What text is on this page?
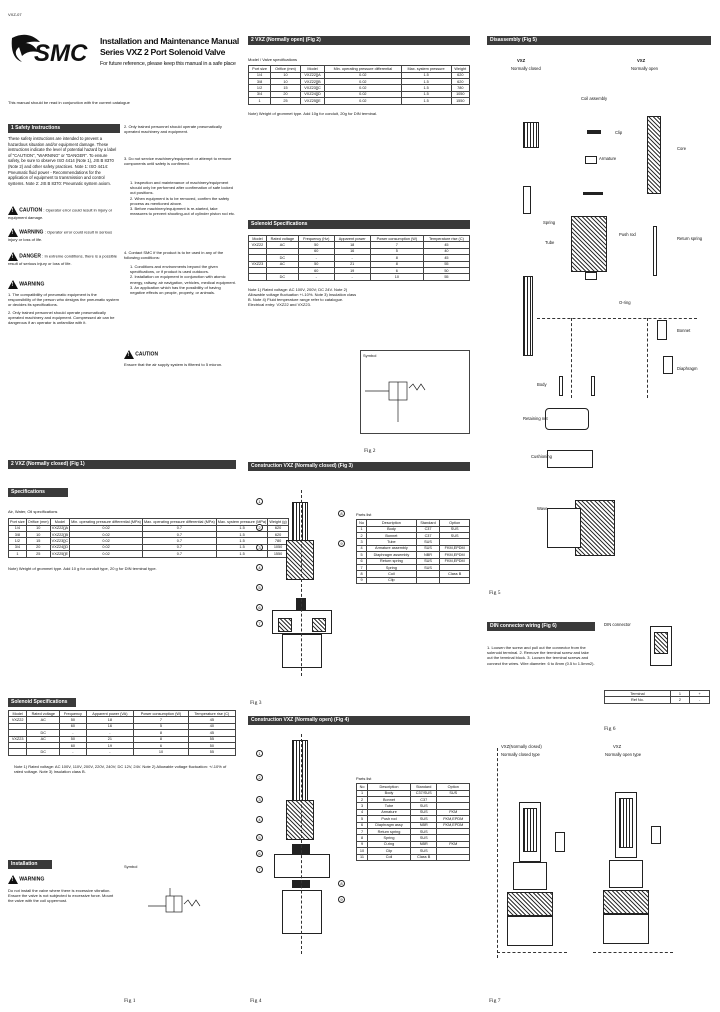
VXZ-07
SMC Installation and Maintenance Manual
Series VXZ 2 Port Solenoid Valve
For future reference, please keep this manual in a safe place
This manual should be read in conjunction with the current catalogue
1 Safety Instructions
These safety instructions are intended to prevent a hazardous situation and/or equipment damage. These instructions indicate the level of potential hazard by a label of "CAUTION", "WARNING" or "DANGER". To ensure safety, be sure to observe ISO 4414 (Note 1), JIS B 8370 (Note 2) and other safety practices. Note 1: ISO 4414: Pneumatic fluid power - Recommendations for the application of equipment to transmission and control systems. Note 2: JIS B 8370: Pneumatic system axiom.
! CAUTION : Operator error could result in injury or equipment damage.
! WARNING : Operator error could result in serious injury or loss of life.
! DANGER : In extreme conditions, there is a possible result of serious injury or loss of life.
! WARNING
1. The compatibility of pneumatic equipment is the responsibility of the person who designs the pneumatic system or decides its specifications.
2. Only trained personnel should operate pneumatically operated machinery and equipment. Compressed air can be dangerous if an operator is unfamiliar with it.
2. Only trained personnel should operate pneumatically operated machinery and equipment.
3. Do not service machinery/equipment or attempt to remove components until safety is confirmed.
1. Inspection and maintenance of machinery/equipment should only be performed after confirmation of safe locked out positions.
2. When equipment is to be removed, confirm the safety process as mentioned above.
3. Before machinery/equipment is re-started, take measures to prevent shooting-out of cylinder piston rod etc.
4. Contact SMC if the product is to be used in any of the following conditions:
1. Conditions and environments beyond the given specifications, or if product is used outdoors.
2. Installation on equipment in conjunction with atomic energy, railway, air navigation, vehicles, medical equipment.
3. An application which has the possibility of having negative effects on people, property, or animals.
! CAUTION
Ensure that the air supply system is filtered to 5 micron.
2 VXZ (Normally closed) (Fig 1)
Specifications
Air, Water, Oil specifications
Port size	Orifice (mm)	Model	Min. operating pressure differential (MPa)	Max. operating pressure differential (MPa)	Max. system pressure (MPa)	Weight (g)
1/4	10	VXZ22[]A	0.02	0.7	1.5	620
3/8	10	VXZ22[]B	0.02	0.7	1.5	620
1/2	15	VXZ23[]C	0.02	0.7	1.5	780
3/4	20	VXZ24[]D	0.02	0.7	1.5	1050
1	25	VXZ25[]E	0.02	0.7	1.5	1550
Note) Weight of grommet type. Add 10 g for conduit type, 20 g for DIN terminal type.
Solenoid Specifications
Model	Rated voltage	Frequency	Apparent power (VA)	Power consumption (W)	Temperature rise (C)
VXZ22	AC	50	18	7	45
		60	16	5	40
	DC	-	-	8	45
VXZ23	AC	50	21	8	55
		60	19	6	50
	DC	-	-	10	55
Note 1) Rated voltage: AC 100V, 110V, 200V, 220V, 240V; DC 12V, 24V. Note 2) Allowable voltage fluctuation: +/-10% of rated voltage. Note 3) Insulation class B.
Installation
! WARNING
Do not install the valve where there is excessive vibration. Ensure the valve is not subjected to excessive force. Mount the valve with the coil uppermost.
Symbol
Fig 1
2 VXZ (Normally open) (Fig 2)
Model / Valve specifications
Port size	Orifice (mm)	Model	Min. operating pressure differential	Max. system pressure	Weight
1/4	10	VXZ22[]A	0.02	1.5	620
3/8	10	VXZ22[]B	0.02	1.5	620
1/2	15	VXZ23[]C	0.02	1.5	780
3/4	20	VXZ24[]D	0.02	1.5	1050
1	25	VXZ25[]E	0.02	1.5	1550
Note) Weight of grommet type. Add 10g for conduit, 20g for DIN terminal.
Solenoid Specifications
Model	Rated voltage	Frequency (Hz)	Apparent power	Power consumption (W)	Temperature rise (C)
VXZ22	AC	50	18	7	45
		60	16	5	40
	DC	-	-	8	45
VXZ23	AC	50	21	8	55
		60	19	6	50
	DC	-	-	10	55
Note 1) Rated voltage: AC 100V, 200V; DC 24V. Note 2) Allowable voltage fluctuation +/-10%. Note 3) Insulation class B. Note 4) Fluid temperature range refer to catalogue. Electrical entry: VXZ22 and VXZ23.
Symbol
Fig 2
Construction VXZ (Normally closed) (Fig 3)
1
2
3
4
5
6
7
8
9
Parts list
No	Description	Standard	Option
1	Body	C37	SUS
2	Bonnet	C37	SUS
3	Tube	SUS	
4	Armature assembly	SUS	FKM,EPDM
5	Diaphragm assembly	NBR	FKM,EPDM
6	Return spring	SUS	FKM,EPDM
7	Spring	SUS	
8	Coil		Class B
9	Clip		
Fig 3
Construction VXZ (Normally open) (Fig 4)
1
2
3
4
5
6
7
8
9
Parts list
No	Description	Standard	Option
1	Body	C37/SUS	SUS
2	Bonnet	C37	
3	Tube	SUS	
4	Armature	SUS	FKM
5	Push rod	SUS	FKM,EPDM
6	Diaphragm assy	NBR	FKM,EPDM
7	Return spring	SUS	
8	Spring	SUS	
9	O-ring	NBR	FKM
10	Clip	SUS	
11	Coil	Class B	
Fig 4
Disassembly (Fig 5)
VXZ
Normally closed
VXZ
Normally open
Coil assembly
Clip
Armature
Core
Spring
Tube
Push rod
Return spring
O-ring
Bonnet
Diaphragm
Body
Retaining nut
Cushioning
Wave
Fig 5
DIN connector wiring (Fig 6)
1. Loosen the screw and pull out the connector from the solenoid terminal. 2. Remove the terminal screw and take out the terminal block. 3. Loosen the terminal screws and connect the wires. Wire diameter: 6 to 8mm (0.5 to 1.5mm2).
DIN connector
Terminal	1	+
Ref No.	2	-
Fig 6
VXZ(Normally closed)
Normally closed type
VXZ
Normally open type
Fig 7
